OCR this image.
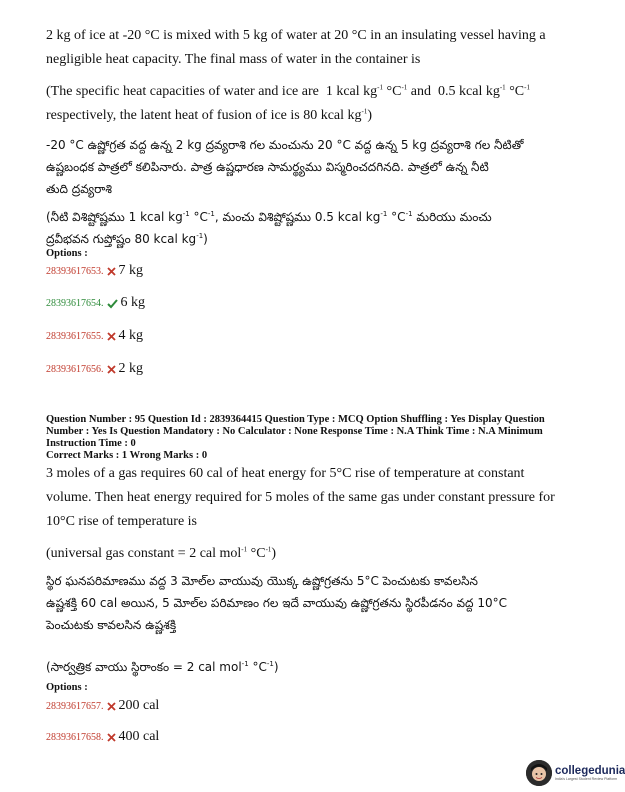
2 kg of ice at -20 °C is mixed with 5 kg of water at 20 °C in an insulating vessel having a

negligible heat capacity. The final mass of water in the container is

(The specific heat capacities of water and ice are 1 kcal $kg^{-1}$ $^\circ C^{-1}$ and 0.5 kcal $kg^{-1}$ $^\circ C^{-1}$

respectively, the latent heat of fusion of ice is 80 kcal $kg^{-1}$)

-20 °C ఉష్ణోగ్రత వద్ద ఉన్న 2 kg ద్రవ్యరాశి గల మంచును 20 °C వద్ద ఉన్న 5 kg ద్రవ్యరాశి గల నీటితో

ఉష్ణబంధక పాత్రలో కలిపినారు. పాత్ర ఉష్ణధారణ సామర్థ్యము విస్మరించదగినది. పాత్రలో ఉన్న నీటి

తుది ద్రవ్యరాశి

(నీటి విశిష్టోష్ణము 1 kcal $kg^{-1}$ $^\circ C^{-1}$, మంచు విశిష్టోష్ణము 0.5 kcal $kg^{-1}$ $^\circ C^{-1}$ మరియు మంచు

ద్రవీభవన గుప్తోష్ణం 80 kcal $kg^{-1}$)

Options :

28393617653. 7 kg
28393617654. 6 kg
28393617655. 4 kg
28393617656. 2 kg
Question Number : 95 Question Id : 2839364415 Question Type : MCQ Option Shuffling : Yes Display Question
Number : Yes Is Question Mandatory : No Calculator : None Response Time : N.A Think Time : N.A Minimum
Instruction Time : 0
Correct Marks : 1 Wrong Marks : 0

3 moles of a gas requires 60 cal of heat energy for 5°C rise of temperature at constant

volume. Then heat energy required for 5 moles of the same gas under constant pressure for

10°C rise of temperature is

(universal gas constant = 2 cal mol$^{-1}$ $^\circ C^{-1}$)

స్థిర ఘనపరిమాణము వద్ద 3 మోల్‌ల వాయువు యొక్క ఉష్ణోగ్రతను 5°C పెంచుటకు కావలసిన

ఉష్ణశక్తి 60 cal అయిన, 5 మోల్‌ల పరిమాణం గల ఇదే వాయువు ఉష్ణోగ్రతను స్థిరపీడనం వద్ద 10°C

పెంచుటకు కావలసిన ఉష్ణశక్తి

(సార్వత్రిక వాయు స్థిరాంకం = 2 cal mol$^{-1}$ $^\circ C^{-1}$)

Options :

28393617657. 200 cal
28393617658. 400 cal
collegedunia
India's Largest Student Review Platform
